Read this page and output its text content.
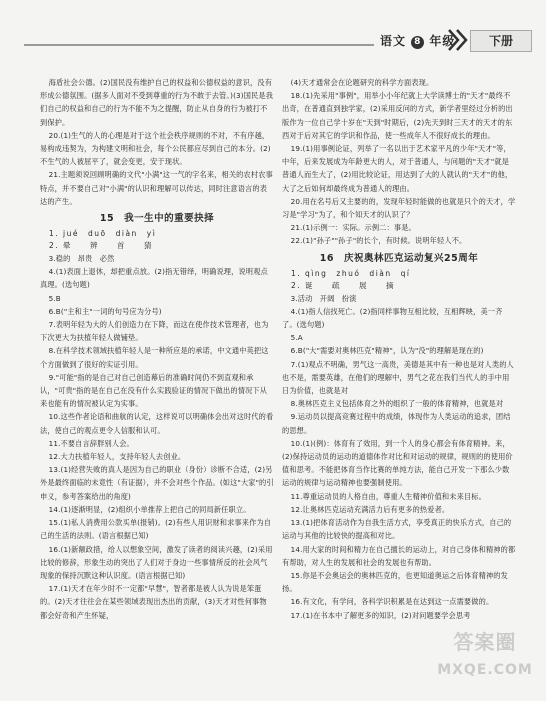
语文 8 年级	下册

海盾社会公德。(2)国民没有维护自己的权益和公德权益的意识，没有形成公德氛围。(据多人面对不受到尊重的行为不敢于去管。)(3)国民是我们自己的权益和自己的行为不能不为之提醒，防止从自身的行为被打不到保护。

20.(1)生气的人的心理是对于这个社会秩序规则的不对，不有序越，易构成违契为，为构建文明和社会，每个公民都应尽到自己的本分。(2)不生气的人被屈平了，就会变更，安于现状。

21.主题须说回顾明确的文代"小满"这一气的字名来，相关的农村农事特点，并不要自己对"小满"的认识和理解可以传达，同时注意语言的表达的产生。

15　我一生中的重要抉择

1. jué　duō　diàn　yì

2. 晕　　辨　　首　　猜

3.稳的　昂贵　必然

4.(1)表面上退休，却把重点放。(2)指无错绎，明确说理，说明观点真理。(选句题)

5.B

6.B("主和主"一词的句号应为分号)

7.表明年轻为大的人们创造力在下降，而这在使作技术管理者，也为下次更大为扶植年轻人做铺垫。

8.在科学技术领域扶植年轻人是一种所应是的承诺，中文通中英把这个方面做到了很好的实证引用。

9."可能"指的是自己对自己创造幕后的准确时间仍不到直观和承认，"可贵"指的是在自己在没有什么实践验证的情况下做出的情况下从来也能有的情况被认定为实事。

10.这些作者论语和曲航的认定，这样说可以明确体会出对这时代的看法，使自己的观点更令人信服和认可。

11.不要自言辞胖别人会。

12.大力扶植年轻人，支持年轻人去创业。

13.(1)经营失败的真人是因为自己的职业（身份）诊断不合适，(2)另外是最终面临的未竟性（有证据），并不会对些个作品。(如这"大家"的引申义，参考答案给出的角度)

14.(1)逐渐明显，(2)组织小单推荐上把自己的同局新任职立。

15.(1)私人消费用公款买单(报销)。(2)有些人用识财和求事来作为自己的生活的法则。(语言根据已知)

16.(1)新额政措，给人以想象空间，激发了读者的阅读兴趣，(2)采用比较的修辞，形象生动的突出了人们对于身边一些事情所反的社会风气现象的保持沉默这种认识度。(语言根据已知)

17.(1)天才在年少时不一定都"早慧"，智者都是被人认为说是笨蛋的。(2)天才往往会在某些领域表现出杰出的贡献，(3)天才对性何事物都会好奇和产生怀疑，

(4)天才通常会在论题研究的科学方面表现。

18.(1)先采用"事例"，用举小小年纪就上大学读博士的"天才"最终不出奇，在普通直到独学家，(2)采用反问的方式，新学者里经过分析的出版作为一位自己学十岁在"天到"时期后，(2)先天到时三天才的天才的东西对于后对其它的学识和作品，使一些成年人不很好成长的理由。

19.(1)用事例论证，列举了一名以出于艺术家平凡的少年"天才"等，中年，后来发展成为年龄更大的人，对于普通人，与问题的"天才"就是普通人而生大了，(2)用比较论证，用达到了大的人就认的"天才"的他，大了之后如何却最终成为普通人的理由。

20.用在名号后又主要的的，发现年轻时能做的也就是只个的天才，学习是"学习"为了，和个知天才的认识了？

21.(1)示例一：实际。示例二：事是。

22.(1)"孙子""孙子"的长个，有时候。说明年轻人不。

16　庆祝奥林匹克运动复兴25周年

1. qìng　zhuó　diàn　qí

2. 诞　　疏　　展　　摘

3.活动　开阔　扮演

4.(1)指人信找死亡。(2)指同样事物互相比较，互相辉映，美一齐了。(选句题)

5.A

6.B("大"需要对奥林匹克"精神"，认为"没"的理解是现在的)

7.(1)观点不明确，男气这一高贵，美德是其中有一种也是对人类的人也不是，需要英雄，在他们的理解中，男气之花在我们当代人的手中用日为价值，也就是对

8.奥林匹克主义包括体育之外的组织了一般的体育精神，也就是对

9.运动员以提高竞赛过程中的成绩，体现作为人类运动的追求，团结的思想。

10.(1)(例)：体育有了效用，到一个人的身心都会有体育精神。来，(2)保持运动员的运动的道德体作对比和对运动的规律，规则的的使用价值和思考。不能把体育当作比赛的单纯方法，能自己开发一下那么少数运动的规律与运动精神也要强制使用。

11.尊重运动员的人格自由，尊重人生精神价值和未来目标。

12.让奥林匹克运动充满活力后有更多的热爱者。

13.(1)把体育活动作为自我生活方式，享受真正的快乐方式，自己的运动与其他的比较快的提高和对比。

14.用大家的时间和精力在自己擅长的运动上，对自己身体和精神的都有帮助，对人生的发展和社会的发展也有帮助。

15.你是不会奥运会的奥林匹克的，也更知道奥运之后体育精神的发扬。

16.有文化，有学问，各科学识积累是在达到这一点需要做的。

17.(1)在书本中了解更多的知识，(2)对问题要学会思考

答案圈
MXQE.COM
